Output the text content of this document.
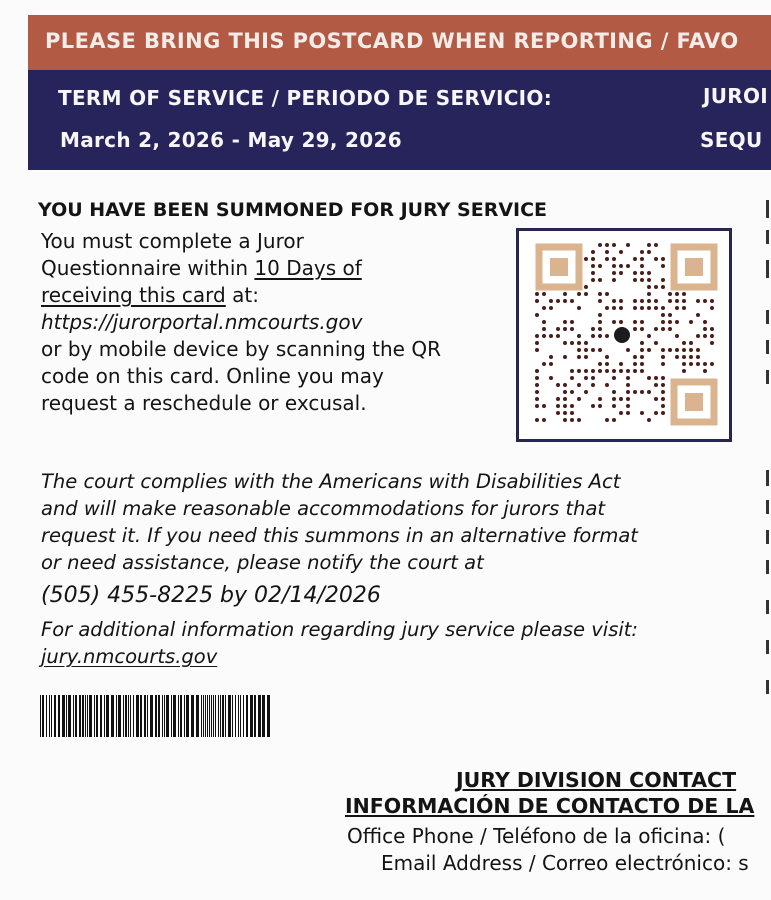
PLEASE BRING THIS POSTCARD WHEN REPORTING / FAVO
TERM OF SERVICE / PERIODO DE SERVICIO:
March 2, 2026 - May 29, 2026
JUROI
SEQU
YOU HAVE BEEN SUMMONED FOR JURY SERVICE
You must complete a Juror
Questionnaire within 10 Days of
receiving this card at:
https://jurorportal.nmcourts.gov
or by mobile device by scanning the QR
code on this card. Online you may
request a reschedule or excusal.
The court complies with the Americans with Disabilities Act
and will make reasonable accommodations for jurors that
request it. If you need this summons in an alternative format
or need assistance, please notify the court at
(505) 455-8225 by 02/14/2026
For additional information regarding jury service please visit:
jury.nmcourts.gov
JURY DIVISION CONTACT
INFORMACIÓN DE CONTACTO DE LA
Office Phone / Teléfono de la oficina: (
Email Address / Correo electrónico: s
